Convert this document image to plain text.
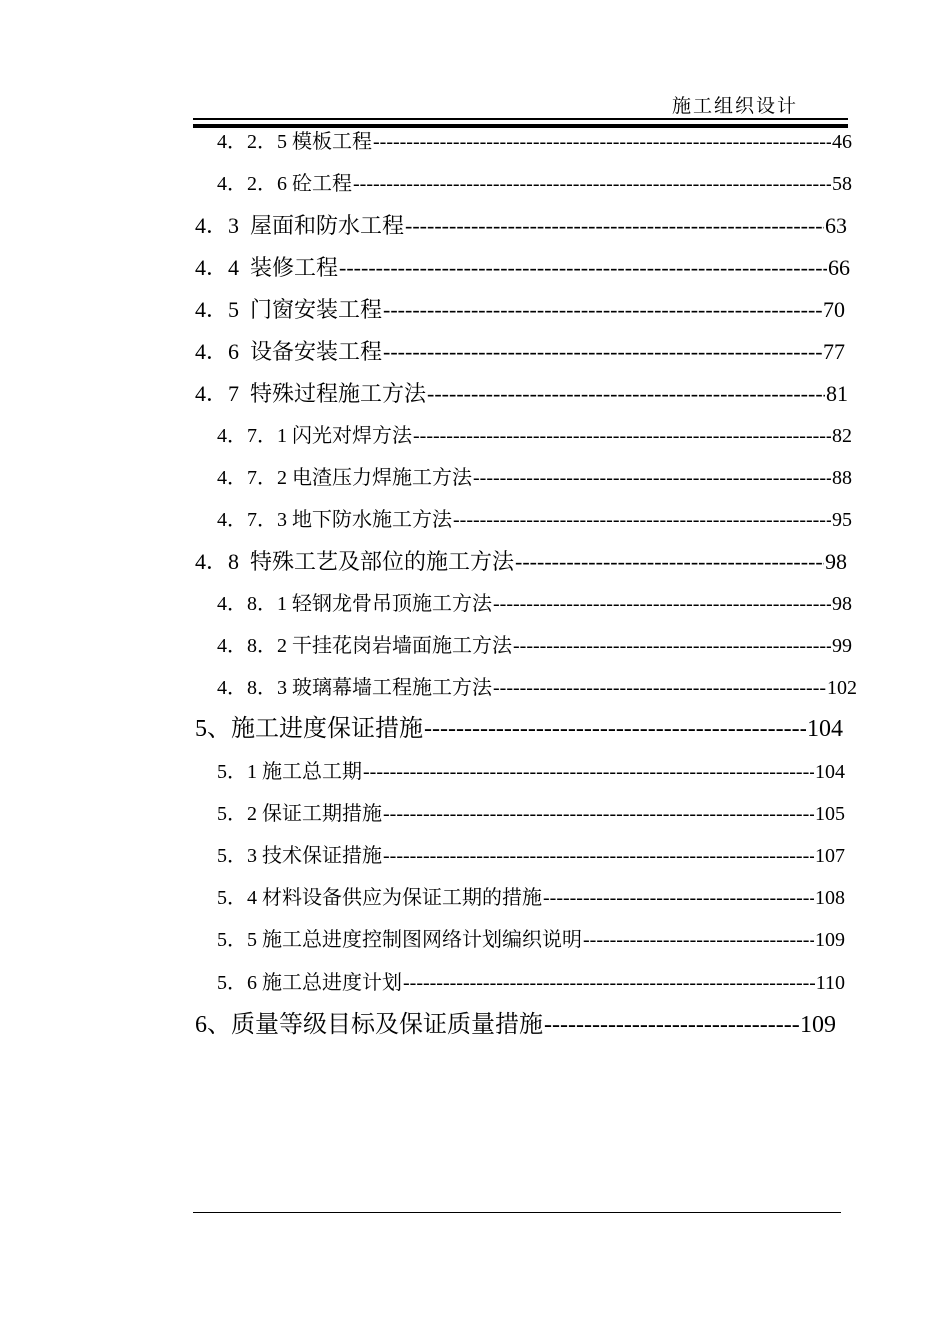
施工组织设计
4．2．5 模板工程 -----	46
4．2．6 砼工程 -----	58
4．3 屋面和防水工程 -----	63
4．4 装修工程 -----	66
4．5 门窗安装工程 -----	70
4．6 设备安装工程 -----	77
4．7 特殊过程施工方法 -----	81
4．7．1 闪光对焊方法 -----	82
4．7．2 电渣压力焊施工方法 -----	88
4．7．3 地下防水施工方法 -----	95
4．8 特殊工艺及部位的施工方法 -----	98
4．8．1 轻钢龙骨吊顶施工方法 -----	98
4．8．2 干挂花岗岩墙面施工方法 -----	99
4．8．3 玻璃幕墙工程施工方法 -----	102
5、 施工进度保证措施 -----	104
5．1 施工总工期 -----	104
5．2 保证工期措施 -----	105
5．3 技术保证措施 -----	107
5．4 材料设备供应为保证工期的措施 -----	108
5．5 施工总进度控制图网络计划编织说明 -----	109
5．6 施工总进度计划 -----	110
6、 质量等级目标及保证质量措施 -----	109
